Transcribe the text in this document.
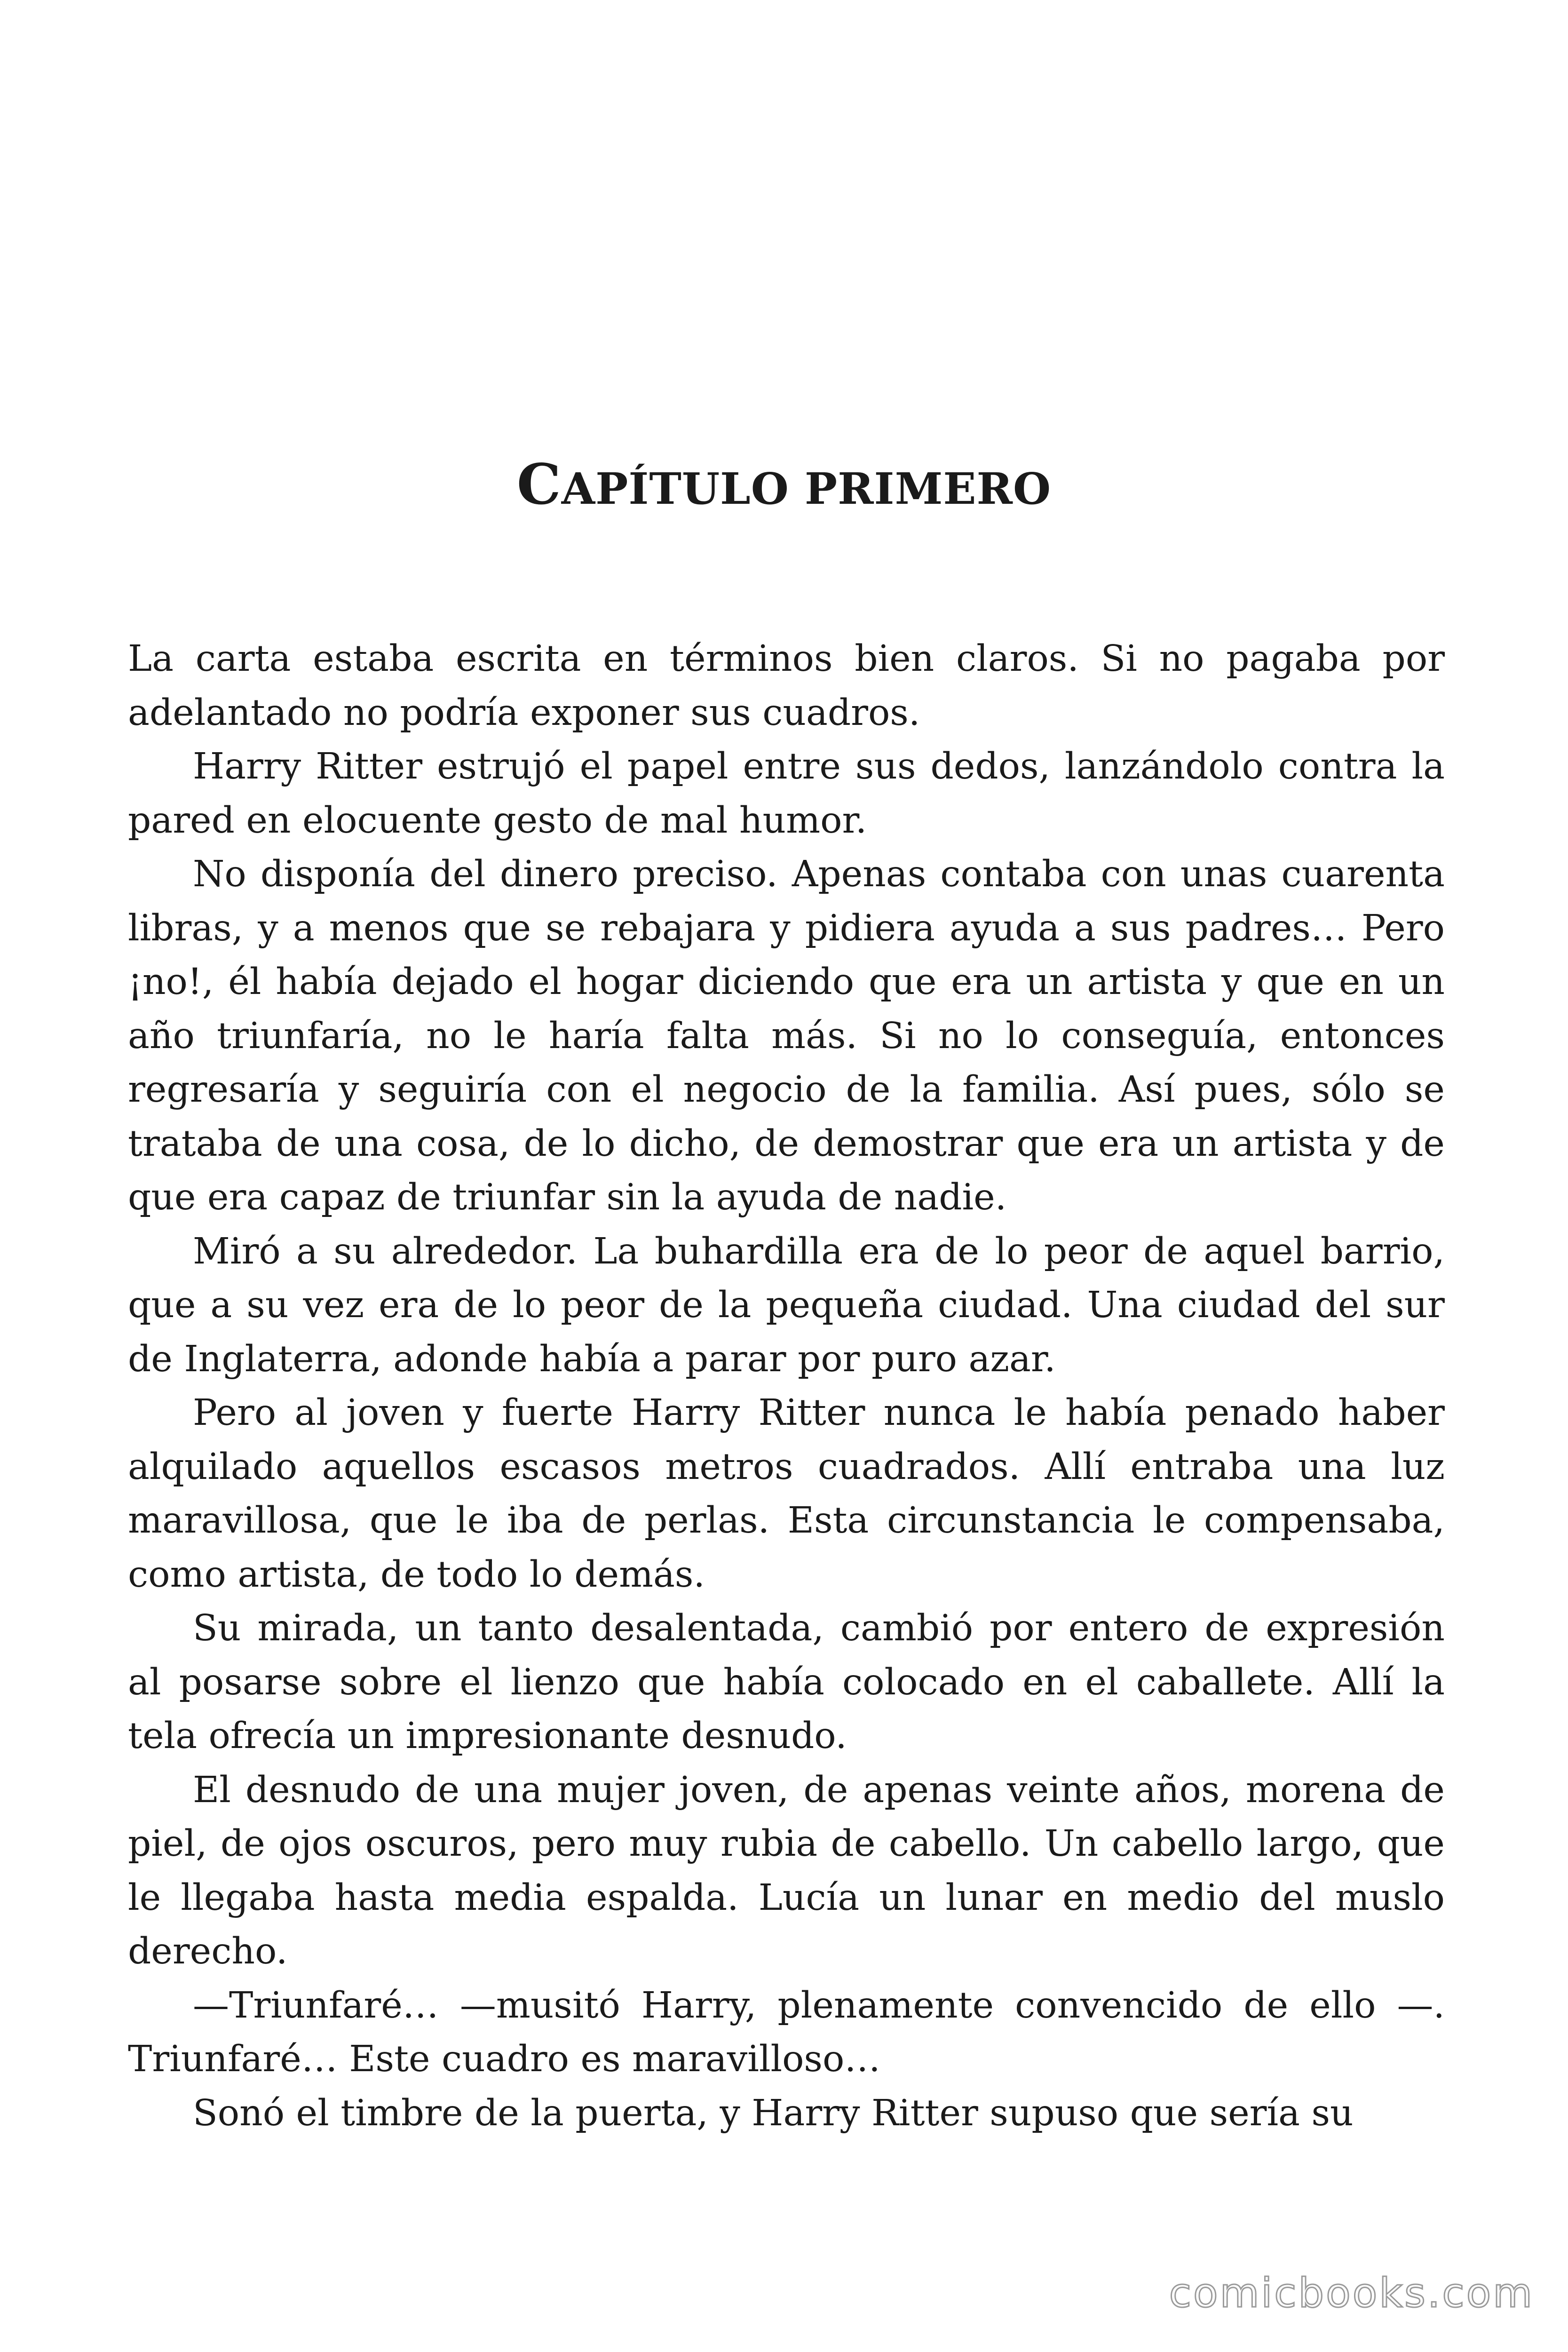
CAPÍTULO PRIMERO

La carta estaba escrita en términos bien claros. Si no pagaba por adelantado no podría exponer sus cuadros.

Harry Ritter estrujó el papel entre sus dedos, lanzándolo contra la pared en elocuente gesto de mal humor.

No disponía del dinero preciso. Apenas contaba con unas cuarenta libras, y a menos que se rebajara y pidiera ayuda a sus padres… Pero ¡no!, él había dejado el hogar diciendo que era un artista y que en un año triunfaría, no le haría falta más. Si no lo conseguía, entonces regresaría y seguiría con el negocio de la familia. Así pues, sólo se trataba de una cosa, de lo dicho, de demostrar que era un artista y de que era capaz de triunfar sin la ayuda de nadie.

Miró a su alrededor. La buhardilla era de lo peor de aquel barrio, que a su vez era de lo peor de la pequeña ciudad. Una ciudad del sur de Inglaterra, adonde había a parar por puro azar.

Pero al joven y fuerte Harry Ritter nunca le había penado haber alquilado aquellos escasos metros cuadrados. Allí entraba una luz maravillosa, que le iba de perlas. Esta circunstancia le compensaba, como artista, de todo lo demás.

Su mirada, un tanto desalentada, cambió por entero de expresión al posarse sobre el lienzo que había colocado en el caballete. Allí la tela ofrecía un impresionante desnudo.

El desnudo de una mujer joven, de apenas veinte años, morena de piel, de ojos oscuros, pero muy rubia de cabello. Un cabello largo, que le llegaba hasta media espalda. Lucía un lunar en medio del muslo derecho.

—Triunfaré… —musitó Harry, plenamente convencido de ello —. Triunfaré… Este cuadro es maravilloso…

Sonó el timbre de la puerta, y Harry Ritter supuso que sería su

comicbooks.com
